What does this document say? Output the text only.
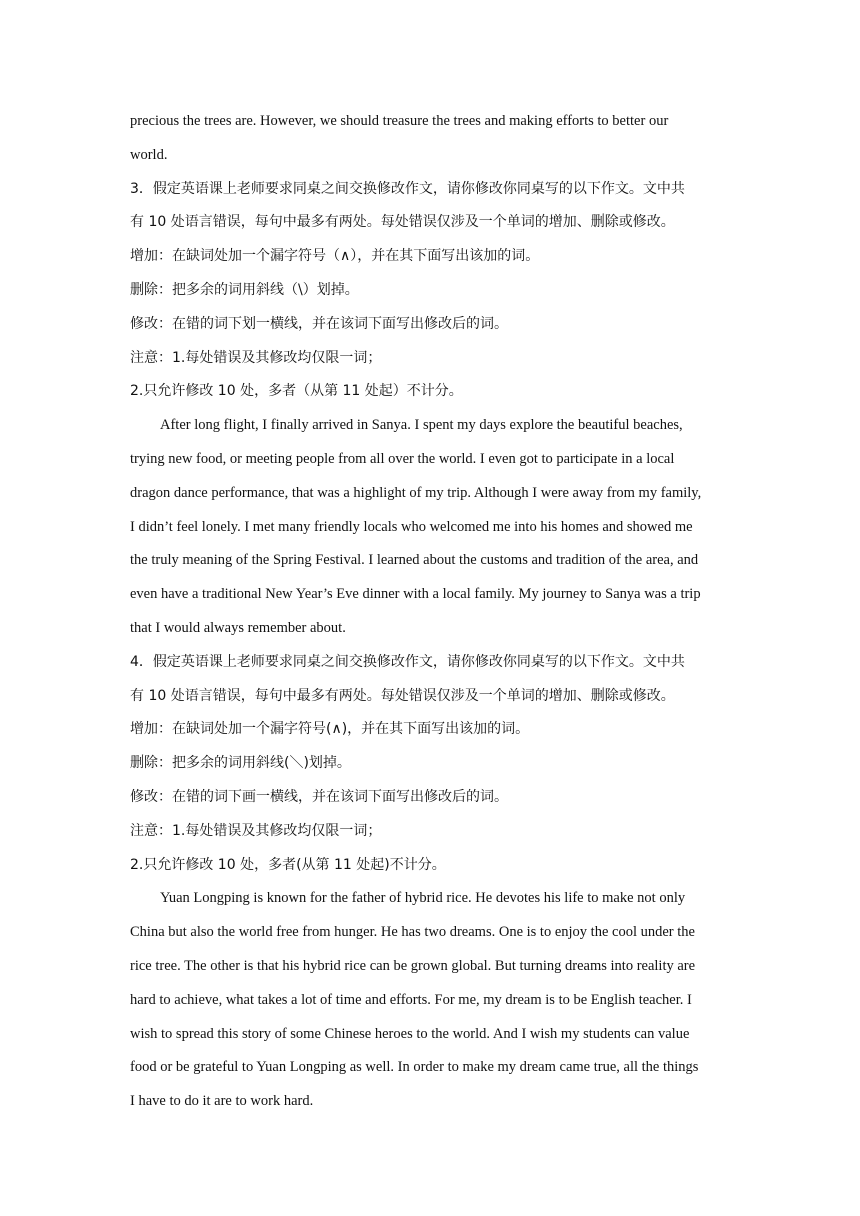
precious the trees are. However, we should treasure the trees and making efforts to better our
world.
3．假定英语课上老师要求同桌之间交换修改作文，请你修改你同桌写的以下作文。文中共
有 10 处语言错误，每句中最多有两处。每处错误仅涉及一个单词的增加、删除或修改。
增加：在缺词处加一个漏字符号（∧），并在其下面写出该加的词。
删除：把多余的词用斜线（\）划掉。
修改：在错的词下划一横线，并在该词下面写出修改后的词。
注意：1.每处错误及其修改均仅限一词；
2.只允许修改 10 处，多者（从第 11 处起）不计分。
After long flight, I finally arrived in Sanya. I spent my days explore the beautiful beaches,
trying new food, or meeting people from all over the world. I even got to participate in a local
dragon dance performance, that was a highlight of my trip. Although I were away from my family,
I didn’t feel lonely. I met many friendly locals who welcomed me into his homes and showed me
the truly meaning of the Spring Festival. I learned about the customs and tradition of the area, and
even have a traditional New Year’s Eve dinner with a local family. My journey to Sanya was a trip
that I would always remember about.
4．假定英语课上老师要求同桌之间交换修改作文，请你修改你同桌写的以下作文。文中共
有 10 处语言错误，每句中最多有两处。每处错误仅涉及一个单词的增加、删除或修改。
增加：在缺词处加一个漏字符号(∧)，并在其下面写出该加的词。
删除：把多余的词用斜线(＼)划掉。
修改：在错的词下画一横线，并在该词下面写出修改后的词。
注意：1.每处错误及其修改均仅限一词；
2.只允许修改 10 处，多者(从第 11 处起)不计分。
Yuan Longping is known for the father of hybrid rice. He devotes his life to make not only
China but also the world free from hunger. He has two dreams. One is to enjoy the cool under the
rice tree. The other is that his hybrid rice can be grown global. But turning dreams into reality are
hard to achieve, what takes a lot of time and efforts. For me, my dream is to be English teacher. I
wish to spread this story of some Chinese heroes to the world. And I wish my students can value
food or be grateful to Yuan Longping as well. In order to make my dream came true, all the things
I have to do it are to work hard.
